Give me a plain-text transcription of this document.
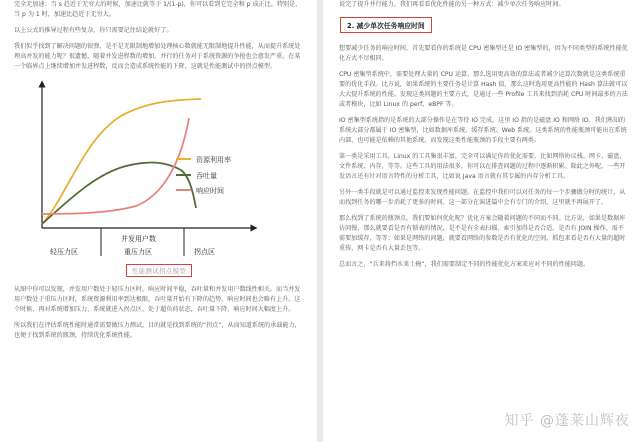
完全无加速；当 s 趋近于无穷大的时候，加速比就等于 1/(1-p)，你可以看到它完全和 p 成正比。特别是，当 p 为 1 时，加速比趋近于无穷大。

以上公式的推导过程有些复杂，你只需要记住结论就好了。

我们似乎找到了解决问题的银弹，是不是无限制地增加处理核心数就能无限制地提升性能，从而提升系统处理高并发的能力呢？很遗憾，随着并发进程数的增加，并行的任务对于系统资源的争抢也会愈发严重。在某一个临界点上继续增加并发进程数，反而会造成系统性能的下降，这就是性能测试中的拐点模型。

资源利用率
吞吐量
响应时间
并发用户数
轻压力区	重压力区	拐点区
性能测试拐点模型

从图中你可以发现，并发用户数处于轻压力区时，响应时间平稳，吞吐量和并发用户数线性相关。而当并发用户数处于重压力区时，系统资源利用率到达极限，吞吐量开始有下降的趋势，响应时间也会略有上升。这个时候，再对系统增加压力，系统就进入拐点区，处于超负荷状态，吞吐量下降，响应时间大幅度上升。

所以我们在评估系统性能时通常需要做压力测试，目的就是找到系统的“拐点”，从而知道系统的承载能力，也便于找到系统的瓶颈，持续优化系统性能。

说完了提升并行能力，我们再看看优化性能的另一种方式：减少单次任务响应时间。

2. 减少单次任务响应时间

想要减少任务的响应时间，首先要看你的系统是 CPU 密集型还是 IO 密集型的，因为不同类型的系统性能优化方式不尽相同。

CPU 密集型系统中，需要处理大量的 CPU 运算，那么选用更高效的算法或者减少运算次数就是这类系统重要的优化手段。比方说，如果系统的主要任务是计算 Hash 值，那么这时选用更高性能的 Hash 算法就可以大大提升系统的性能。发现这类问题的主要方式，是通过一些 Profile 工具来找到消耗 CPU 时间最多的方法或者模块，比如 Linux 的 perf、eBPF 等。

IO 密集型系统指的是系统的大部分操作是在等待 IO 完成，这里 IO 指的是磁盘 IO 和网络 IO。我们熟知的系统大部分都属于 IO 密集型，比如数据库系统、缓存系统、Web 系统。这类系统的性能瓶颈可能出在系统内部，也可能是依赖的其他系统，而发现这类性能瓶颈的手段主要有两类。

第一类是采用工具，Linux 的工具集很丰富，完全可以满足你的优化需要，比如网络协议栈、网卡、磁盘、文件系统、内存，等等。这些工具的用法很多，你可以在排查问题的过程中逐渐积累。除此之外呢，一些开发语言还有针对语言特性的分析工具，比如说 Java 语言就有其专属的内存分析工具。

另外一类手段就是可以通过监控来发现性能问题。在监控中我们可以对任务的每一个步骤做分时的统计，从而找到任务的哪一步消耗了更多的时间。这一部分在演进篇中会有专门的介绍，这里就不再展开了。

那么找到了系统的瓶颈点，我们要如何优化呢？优化方案会随着问题的不同而不同。比方说，如果是数据库访问慢，那么就要看是否有锁表的情况、是不是有全表扫描、索引加得是否合适、是否有 JOIN 操作、需不需要加缓存，等等；如果是网络的问题，就要看网络的参数是否有优化的空间，抓包来看是否有大量的超时重传，网卡是否有大量丢包等。

总而言之，“兵来将挡水来土掩”，我们需要制定不同的性能优化方案来应对不同的性能问题。

知乎 @蓬莱山辉夜
